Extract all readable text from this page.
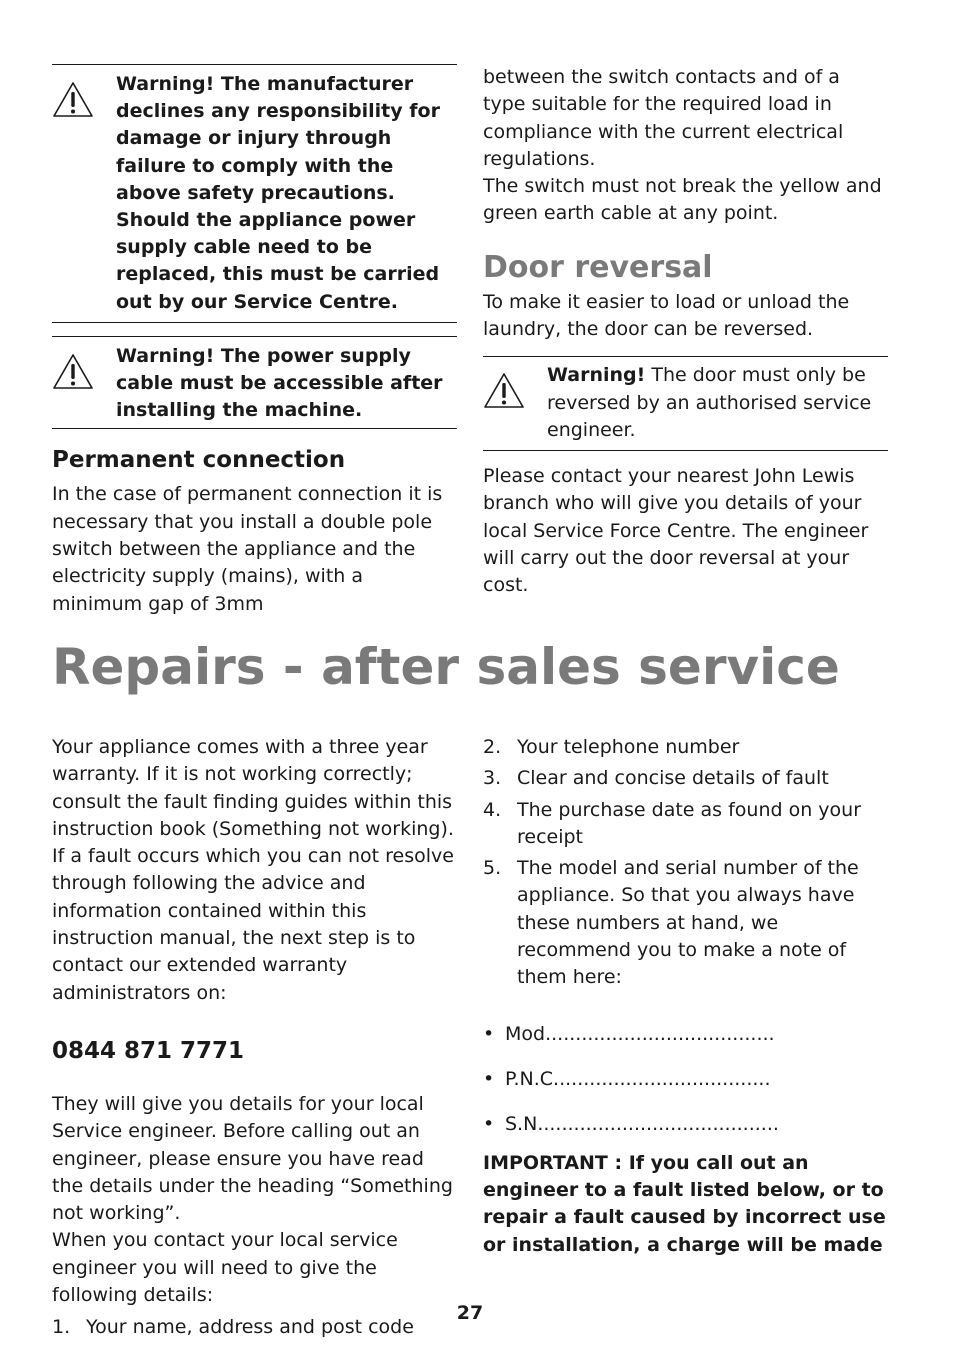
Warning! The manufacturer declines any responsibility for damage or injury through failure to comply with the above safety precautions.
Should the appliance power supply cable need to be replaced, this must be carried out by our Service Centre.
Warning! The power supply cable must be accessible after installing the machine.
Permanent connection

In the case of permanent connection it is necessary that you install a double pole switch between the appliance and the electricity supply (mains), with a minimum gap of 3mm

between the switch contacts and of a type suitable for the required load in compliance with the current electrical regulations.

The switch must not break the yellow and green earth cable at any point.

Door reversal

To make it easier to load or unload the laundry, the door can be reversed.

Warning! The door must only be reversed by an authorised service engineer.

Please contact your nearest John Lewis branch who will give you details of your local Service Force Centre. The engineer will carry out the door reversal at your cost.

Repairs - after sales service

Your appliance comes with a three year warranty. If it is not working correctly; consult the fault finding guides within this instruction book (Something not working). If a fault occurs which you can not resolve through following the advice and information contained within this instruction manual, the next step is to contact our extended warranty administrators on:

0844 871 7771

They will give you details for your local Service engineer. Before calling out an engineer, please ensure you have read the details under the heading “Something not working”.

When you contact your local service engineer you will need to give the following details:

1. Your name, address and post code
2. Your telephone number
3. Clear and concise details of fault
4. The purchase date as found on your receipt
5. The model and serial number of the appliance. So that you always have these numbers at hand, we recommend you to make a note of them here:
• Mod......................................
• P.N.C....................................
• S.N........................................

IMPORTANT : If you call out an engineer to a fault listed below, or to repair a fault caused by incorrect use or installation, a charge will be made

27
